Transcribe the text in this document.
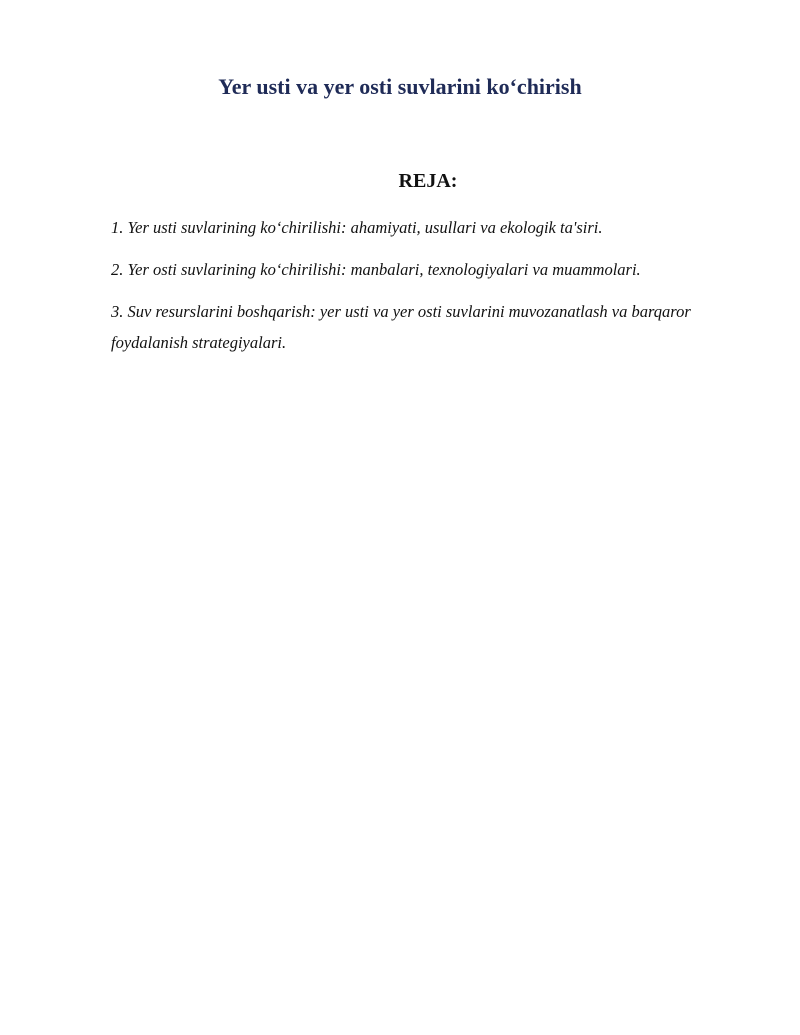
Yer usti va yer osti suvlarini ko‘chirish
REJA:
1. Yer usti suvlarining ko‘chirilishi: ahamiyati, usullari va ekologik ta'siri.
2. Yer osti suvlarining ko‘chirilishi: manbalari, texnologiyalari va muammolari.
3. Suv resurslarini boshqarish: yer usti va yer osti suvlarini muvozanatlash va barqaror foydalanish strategiyalari.
